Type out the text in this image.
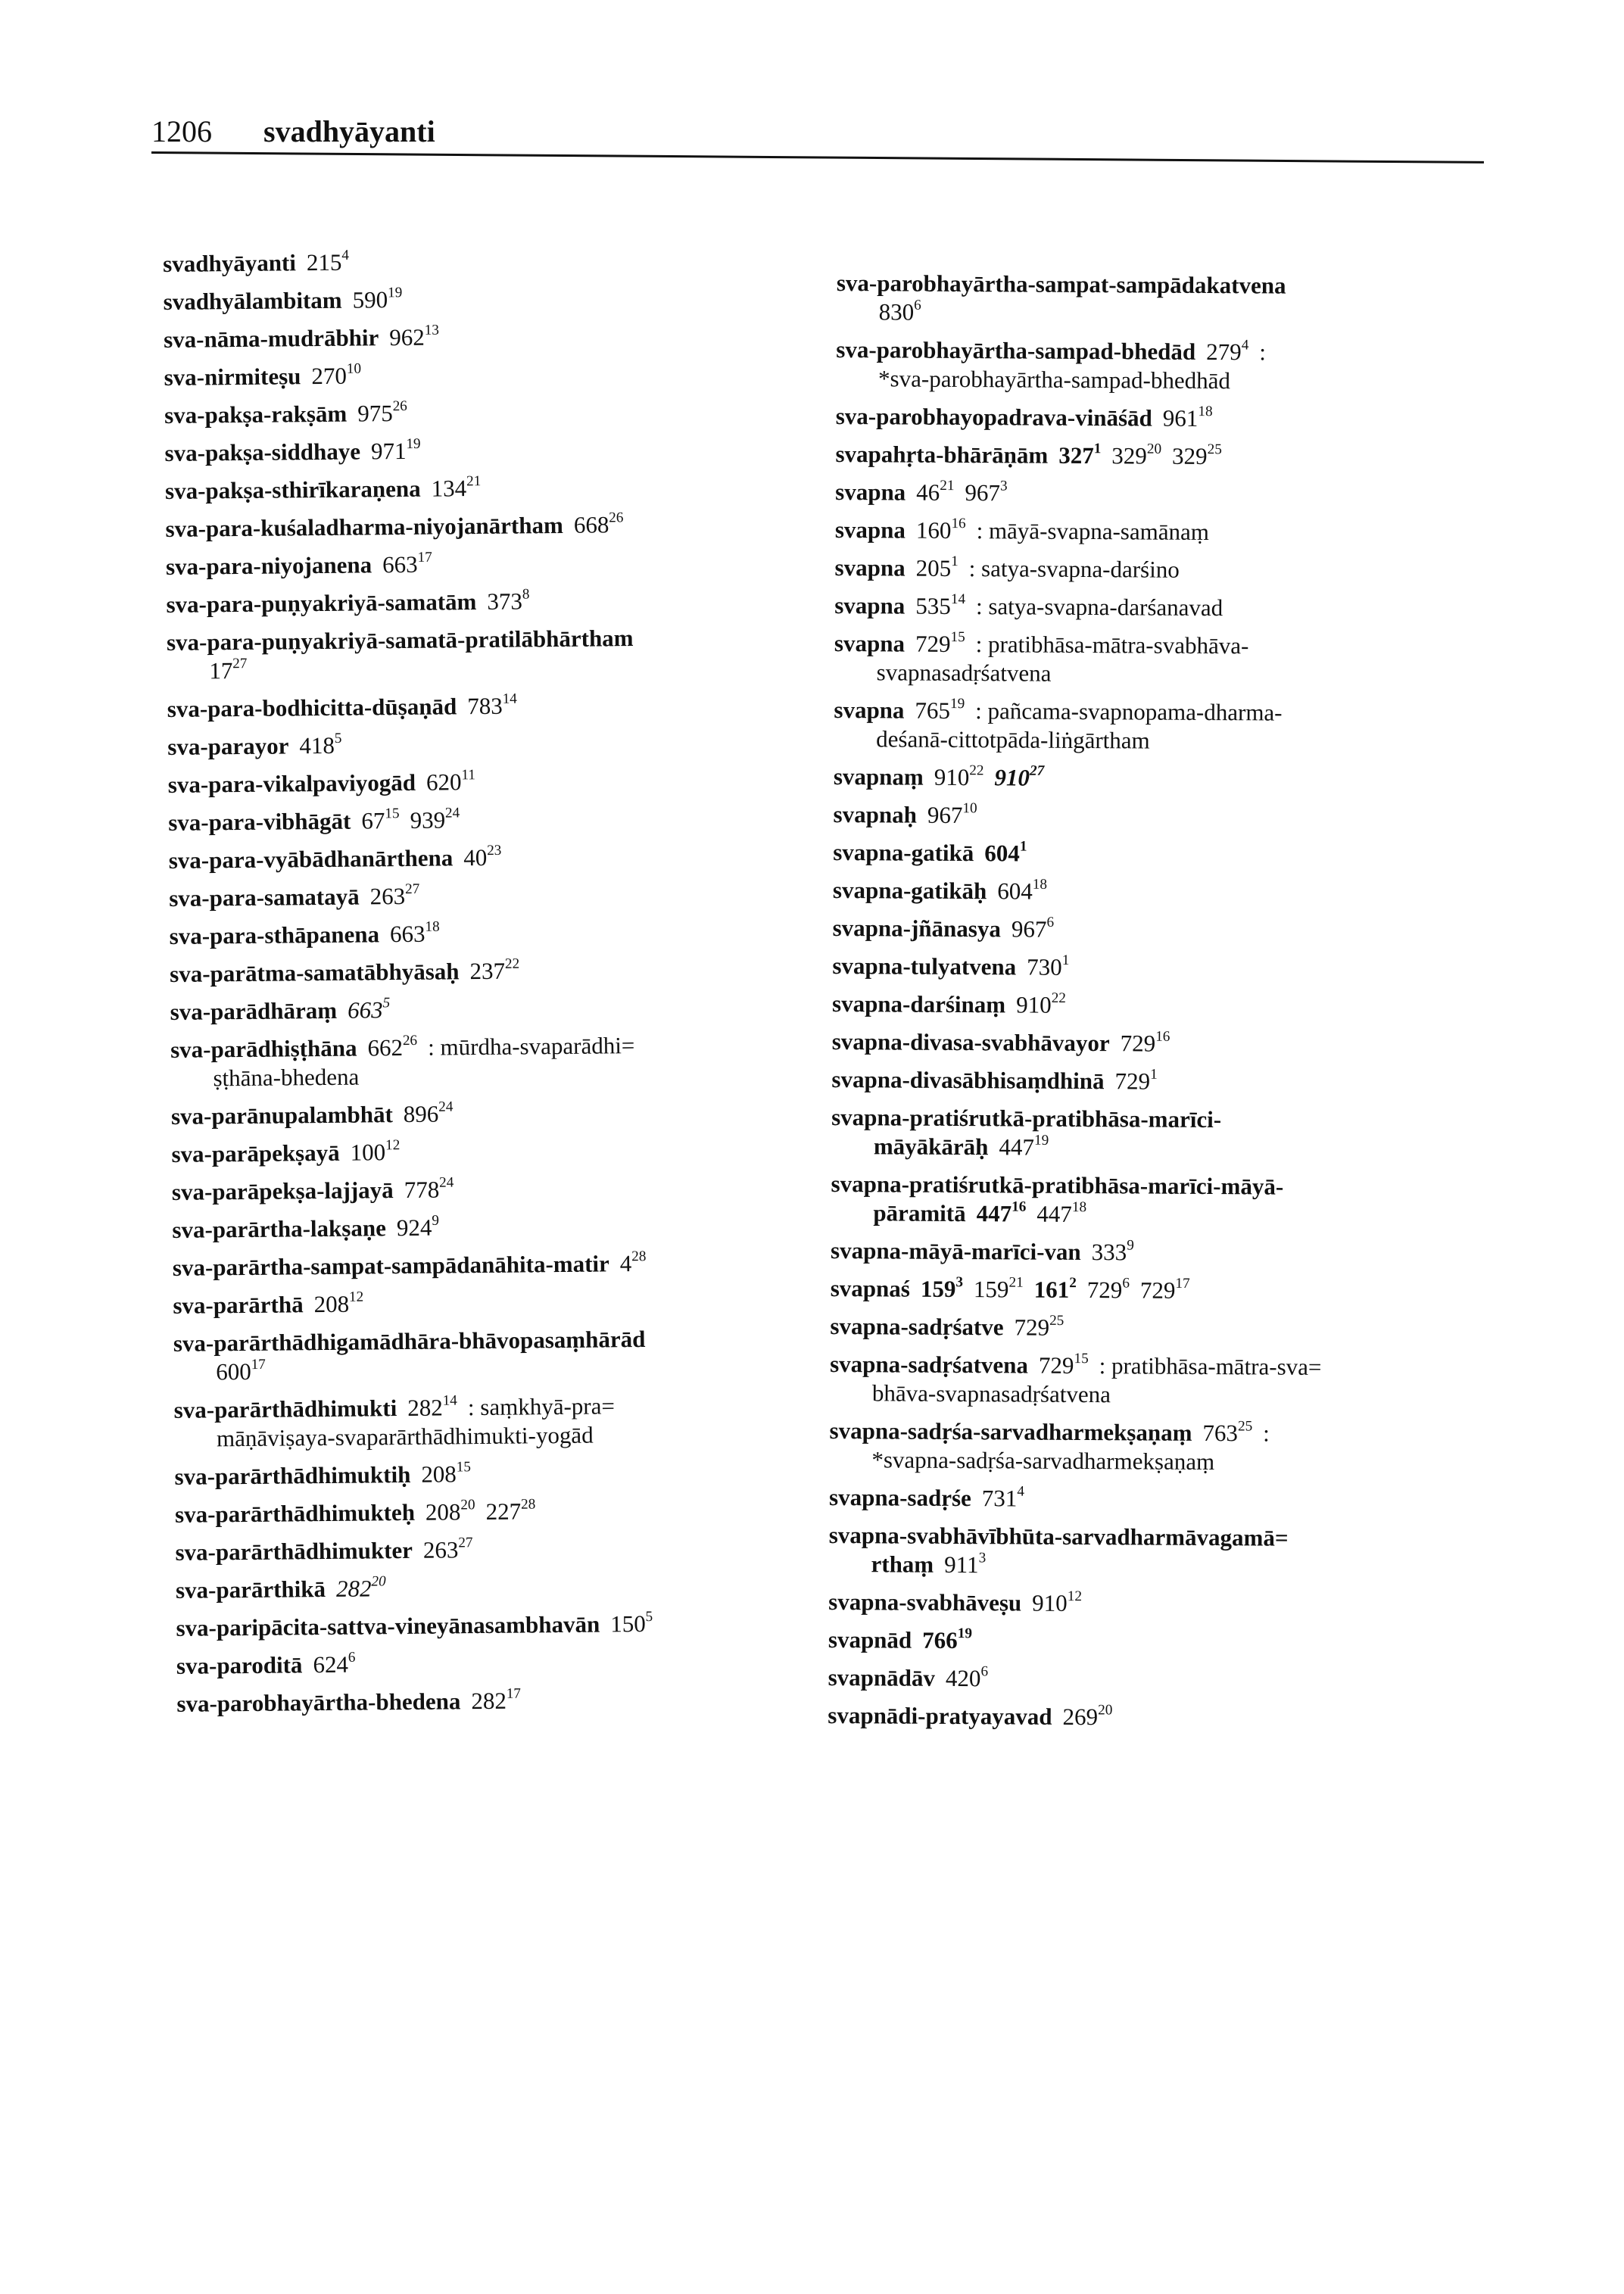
1206 svadhyāyanti
svadhyāyanti $215^4$
svadhyālambitam $590^{19}$
sva-nāma-mudrābhir $962^{13}$
sva-nirmiteṣu $270^{10}$
sva-pakṣa-rakṣām $975^{26}$
sva-pakṣa-siddhaye $971^{19}$
sva-pakṣa-sthirīkaraṇena $134^{21}$
sva-para-kuśaladharma-niyojanārtham $668^{26}$
sva-para-niyojanena $663^{17}$
sva-para-puṇyakriyā-samatām $373^8$
sva-para-puṇyakriyā-samatā-pratilābhārtham
$17^{27}$
sva-para-bodhicitta-dūṣaṇād $783^{14}$
sva-parayor $418^5$
sva-para-vikalpaviyogād $620^{11}$
sva-para-vibhāgāt $67^{15}$ $939^{24}$
sva-para-vyābādhanārthena $40^{23}$
sva-para-samatayā $263^{27}$
sva-para-sthāpanena $663^{18}$
sva-parātma-samatābhyāsaḥ $237^{22}$
sva-parādhāraṃ $663^5$
sva-parādhiṣṭhāna $662^{26}$ : mūrdha-svaparādhi=
ṣṭhāna-bhedena
sva-parānupalambhāt $896^{24}$
sva-parāpekṣayā $100^{12}$
sva-parāpekṣa-lajjayā $778^{24}$
sva-parārtha-lakṣaṇe $924^9$
sva-parārtha-sampat-sampādanāhita-matir $4^{28}$
sva-parārthā $208^{12}$
sva-parārthādhigamādhāra-bhāvopasaṃhārād
$600^{17}$
sva-parārthādhimukti $282^{14}$ : saṃkhyā-pra=
māṇāviṣaya-svaparārthādhimukti-yogād
sva-parārthādhimuktiḥ $208^{15}$
sva-parārthādhimukteḥ $208^{20}$ $227^{28}$
sva-parārthādhimukter $263^{27}$
sva-parārthikā $282^{20}$
sva-paripācita-sattva-vineyānasambhavān $150^5$
sva-paroditā $624^6$
sva-parobhayārtha-bhedena $282^{17}$
sva-parobhayārtha-sampat-sampādakatvena
$830^6$
sva-parobhayārtha-sampad-bhedād $279^4$ :
*sva-parobhayārtha-sampad-bhedhād
sva-parobhayopadrava-vināśād $961^{18}$
svapahṛta-bhārāṇām $327^1$ $329^{20}$ $329^{25}$
svapna $46^{21}$ $967^3$
svapna $160^{16}$ : māyā-svapna-samānaṃ
svapna $205^1$ : satya-svapna-darśino
svapna $535^{14}$ : satya-svapna-darśanavad
svapna $729^{15}$ : pratibhāsa-mātra-svabhāva-
svapnasadṛśatvena
svapna $765^{19}$ : pañcama-svapnopama-dharma-
deśanā-cittotpāda-liṅgārtham
svapnaṃ $910^{22}$ $910^{27}$
svapnaḥ $967^{10}$
svapna-gatikā $604^1$
svapna-gatikāḥ $604^{18}$
svapna-jñānasya $967^6$
svapna-tulyatvena $730^1$
svapna-darśinaṃ $910^{22}$
svapna-divasa-svabhāvayor $729^{16}$
svapna-divasābhisaṃdhinā $729^1$
svapna-pratiśrutkā-pratibhāsa-marīci-
māyākārāḥ $447^{19}$
svapna-pratiśrutkā-pratibhāsa-marīci-māyā-
pāramitā $447^{16}$ $447^{18}$
svapna-māyā-marīci-van $333^9$
svapnaś $159^3$ $159^{21}$ $161^2$ $729^6$ $729^{17}$
svapna-sadṛśatve $729^{25}$
svapna-sadṛśatvena $729^{15}$ : pratibhāsa-mātra-sva=
bhāva-svapnasadṛśatvena
svapna-sadṛśa-sarvadharmekṣaṇaṃ $763^{25}$ :
*svapna-sadṛśa-sarvadharmekṣaṇaṃ
svapna-sadṛśe $731^4$
svapna-svabhāvībhūta-sarvadharmāvagamā=
rthaṃ $911^3$
svapna-svabhāveṣu $910^{12}$
svapnād $766^{19}$
svapnādāv $420^6$
svapnādi-pratyayavad $269^{20}$
